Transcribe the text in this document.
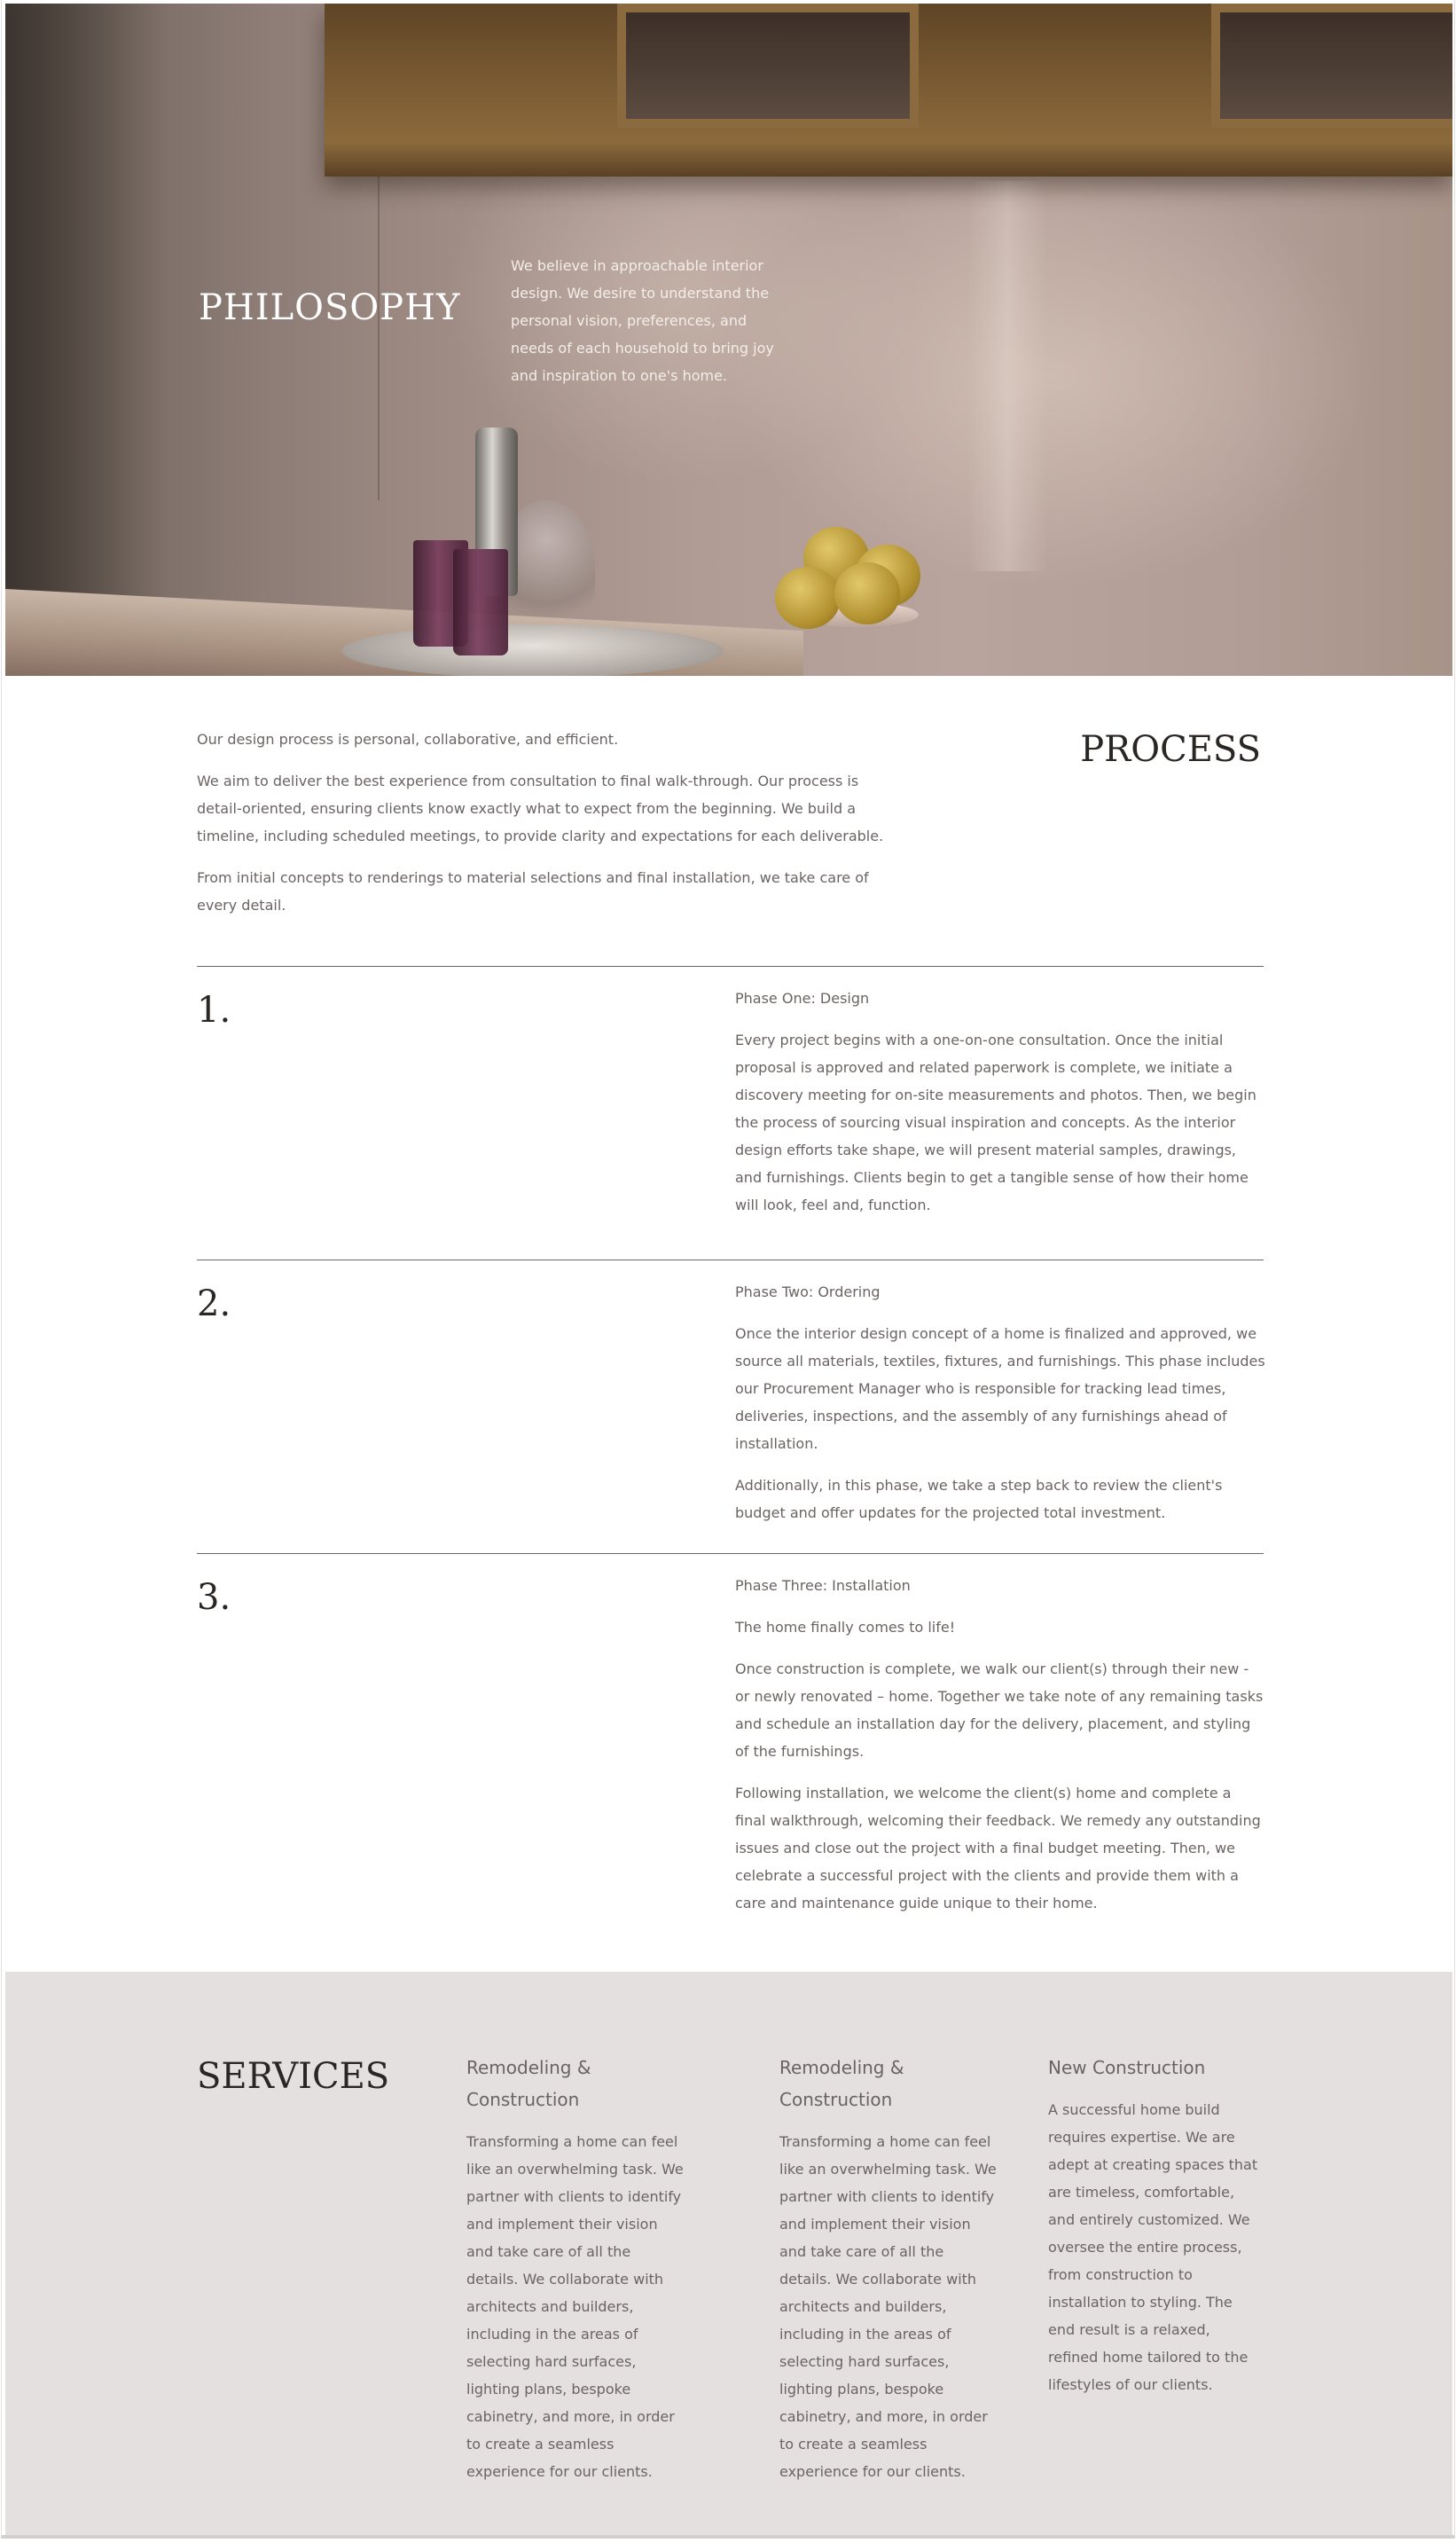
PHILOSOPHY

We believe in approachable interior design. We desire to understand the personal vision, preferences, and needs of each household to bring joy and inspiration to one's home.

Our design process is personal, collaborative, and efficient.

We aim to deliver the best experience from consultation to final walk-through. Our process is detail-oriented, ensuring clients know exactly what to expect from the beginning. We build a timeline, including scheduled meetings, to provide clarity and expectations for each deliverable.

From initial concepts to renderings to material selections and final installation, we take care of every detail.

PROCESS
1.	Phase One: Design

Every project begins with a one-on-one consultation. Once the initial proposal is approved and related paperwork is complete, we initiate a discovery meeting for on-site measurements and photos. Then, we begin the process of sourcing visual inspiration and concepts. As the interior design efforts take shape, we will present material samples, drawings, and furnishings. Clients begin to get a tangible sense of how their home will look, feel and, function.

2.	Phase Two: Ordering

Once the interior design concept of a home is finalized and approved, we source all materials, textiles, fixtures, and furnishings. This phase includes our Procurement Manager who is responsible for tracking lead times, deliveries, inspections, and the assembly of any furnishings ahead of installation.

Additionally, in this phase, we take a step back to review the client's budget and offer updates for the projected total investment.

3.	Phase Three: Installation

The home finally comes to life!

Once construction is complete, we walk our client(s) through their new - or newly renovated – home. Together we take note of any remaining tasks and schedule an installation day for the delivery, placement, and styling of the furnishings.

Following installation, we welcome the client(s) home and complete a final walkthrough, welcoming their feedback. We remedy any outstanding issues and close out the project with a final budget meeting. Then, we celebrate a successful project with the clients and provide them with a care and maintenance guide unique to their home.

SERVICES	Remodeling & Construction

Transforming a home can feel like an overwhelming task. We partner with clients to identify and implement their vision and take care of all the details. We collaborate with architects and builders, including in the areas of selecting hard surfaces, lighting plans, bespoke cabinetry, and more, in order to create a seamless experience for our clients.

Remodeling & Construction

Transforming a home can feel like an overwhelming task. We partner with clients to identify and implement their vision and take care of all the details. We collaborate with architects and builders, including in the areas of selecting hard surfaces, lighting plans, bespoke cabinetry, and more, in order to create a seamless experience for our clients.

New Construction

A successful home build requires expertise. We are adept at creating spaces that are timeless, comfortable, and entirely customized. We oversee the entire process, from construction to installation to styling. The end result is a relaxed, refined home tailored to the lifestyles of our clients.
